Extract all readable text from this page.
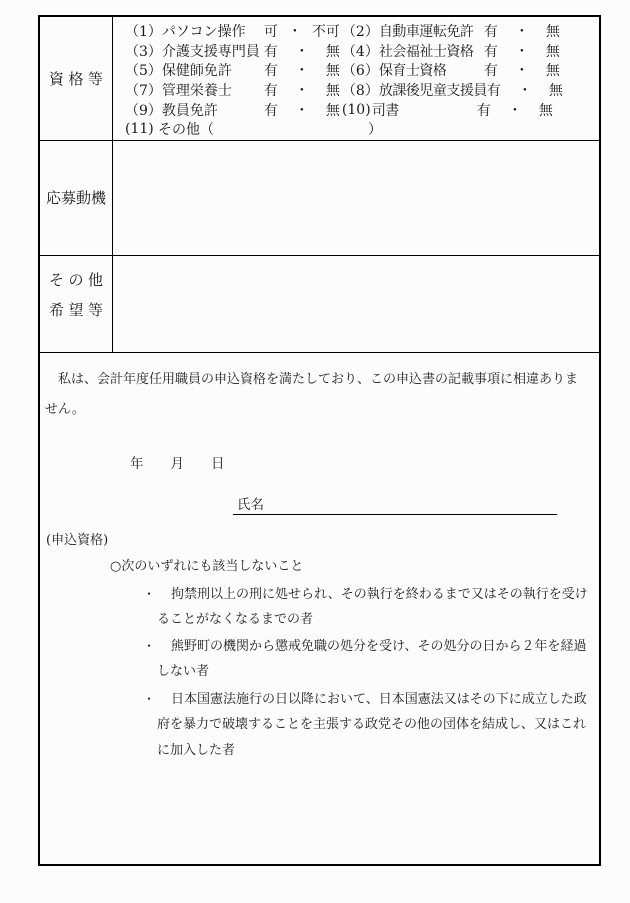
資 格 等
（1） パソコン操作	可 ・ 不可 （2） 自動車運転免許 有 ・ 無
（3） 介護支援専門員 有 ・ 無 （4） 社会福祉士資格 有 ・ 無
（5） 保健師免許	有 ・ 無 （6） 保育士資格	有 ・ 無
（7） 管理栄養士	有 ・ 無 （8） 放課後児童支援員 有 ・ 無
（9） 教員免許	有 ・ 無 (10) 司書	有 ・ 無
(11) その他（	）
応 募 動 機
そ の 他
希 望 等
　私は、会計年度任用職員の申込資格を満たしており、この申込書の記載事項に相違ありま
せん。
年 月 日
氏名
(申込資格)
○次のいずれにも該当しないこと
・ 拘禁刑以上の刑に処せられ、その執行を終わるまで又はその執行を受け
ることがなくなるまでの者
・ 熊野町の機関から懲戒免職の処分を受け、その処分の日から２年を経過
しない者
・ 日本国憲法施行の日以降において、日本国憲法又はその下に成立した政
府を暴力で破壊することを主張する政党その他の団体を結成し、又はこれ
に加入した者
